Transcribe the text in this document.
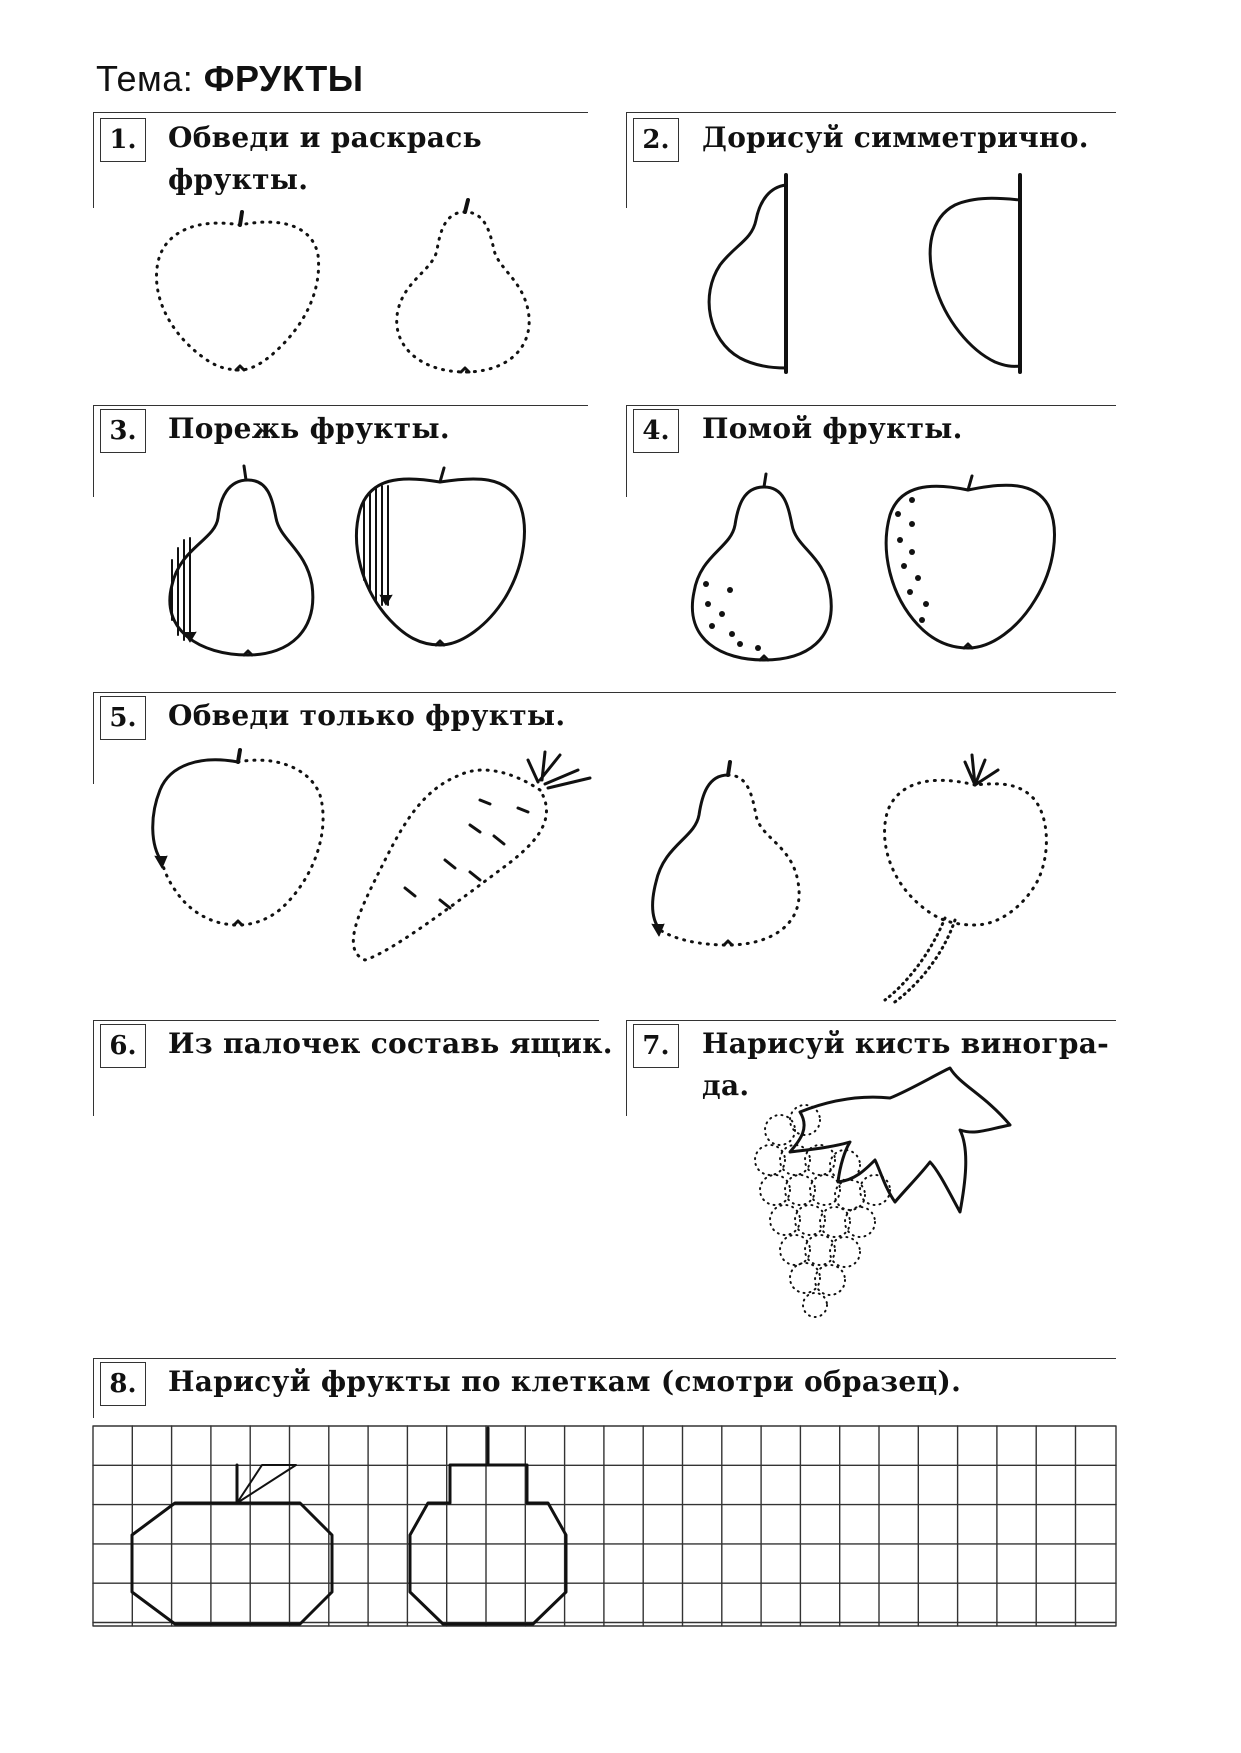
Тема: ФРУКТЫ
1.	Обведи и раскрась
фрукты.
2.	Дорисуй симметрично.
3.	Порежь фрукты.	4.	Помой фрукты.
5.	Обведи только фрукты.
6.	Из палочек составь ящик.	7.	Нарисуй кисть виногра-
да.
8.	Нарисуй фрукты по клеткам (смотри образец).
